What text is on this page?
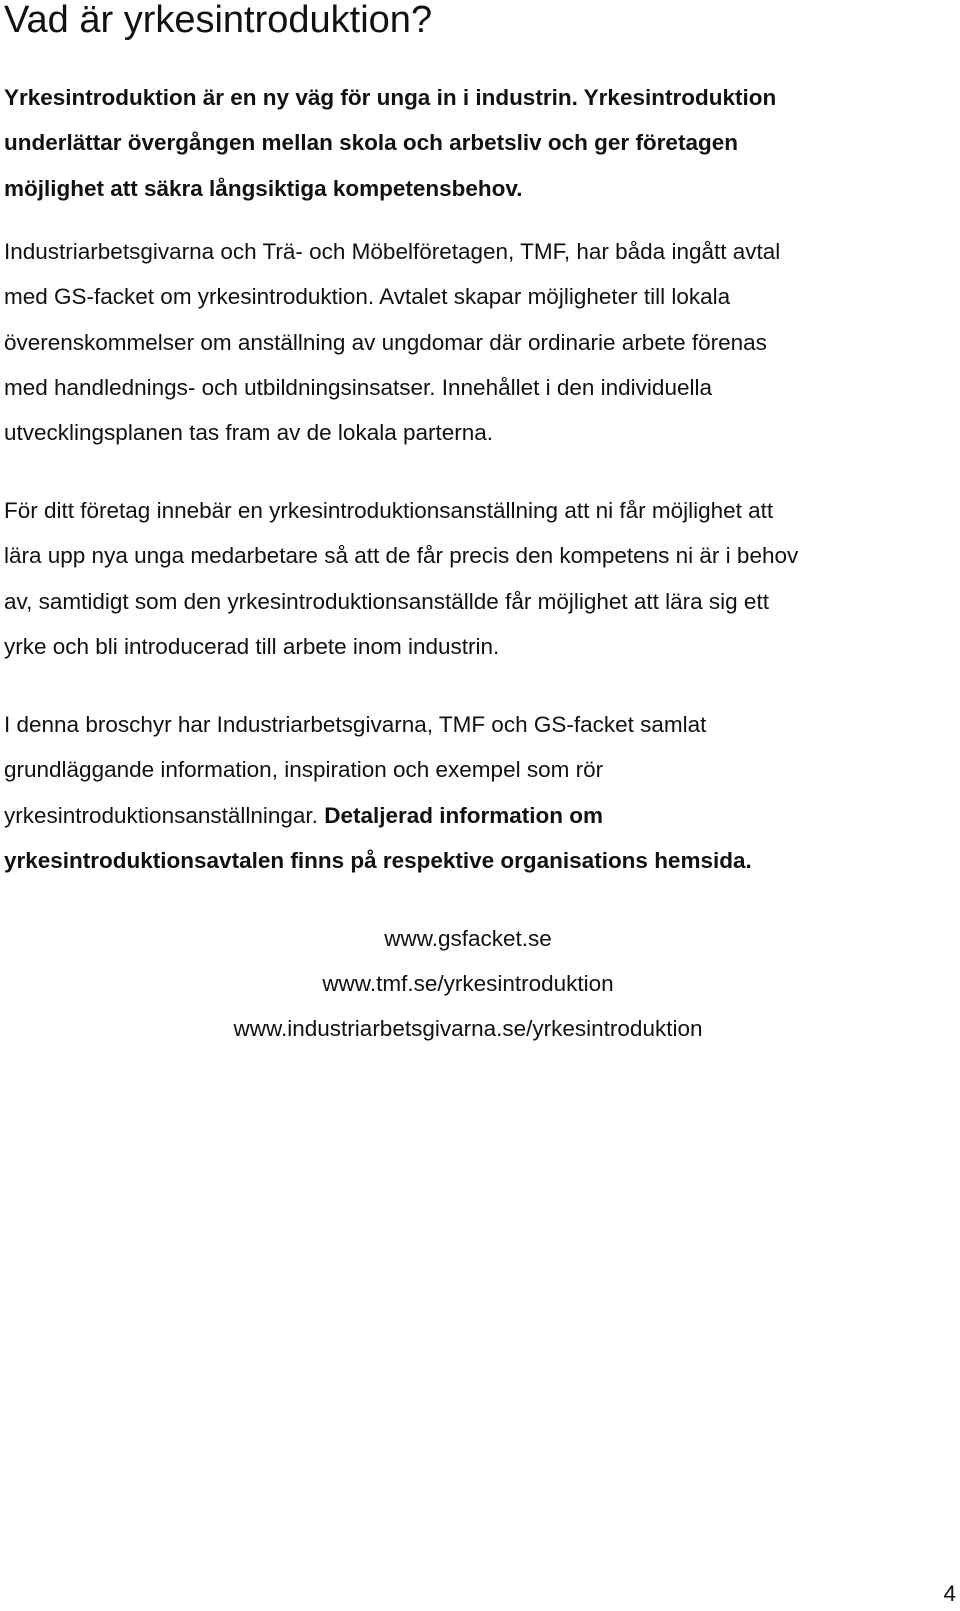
Vad är yrkesintroduktion?
Yrkesintroduktion är en ny väg för unga in i industrin. Yrkesintroduktion
underlättar övergången mellan skola och arbetsliv och ger företagen
möjlighet att säkra långsiktiga kompetensbehov.
Industriarbetsgivarna och Trä- och Möbelföretagen, TMF, har båda ingått avtal
med GS-facket om yrkesintroduktion. Avtalet skapar möjligheter till lokala
överenskommelser om anställning av ungdomar där ordinarie arbete förenas
med handlednings- och utbildningsinsatser. Innehållet i den individuella
utvecklingsplanen tas fram av de lokala parterna.
För ditt företag innebär en yrkesintroduktionsanställning att ni får möjlighet att
lära upp nya unga medarbetare så att de får precis den kompetens ni är i behov
av, samtidigt som den yrkesintroduktionsanställde får möjlighet att lära sig ett
yrke och bli introducerad till arbete inom industrin.
I denna broschyr har Industriarbetsgivarna, TMF och GS-facket samlat
grundläggande information, inspiration och exempel som rör
yrkesintroduktionsanställningar. Detaljerad information om
yrkesintroduktionsavtalen finns på respektive organisations hemsida.
www.gsfacket.se
www.tmf.se/yrkesintroduktion
www.industriarbetsgivarna.se/yrkesintroduktion
4
